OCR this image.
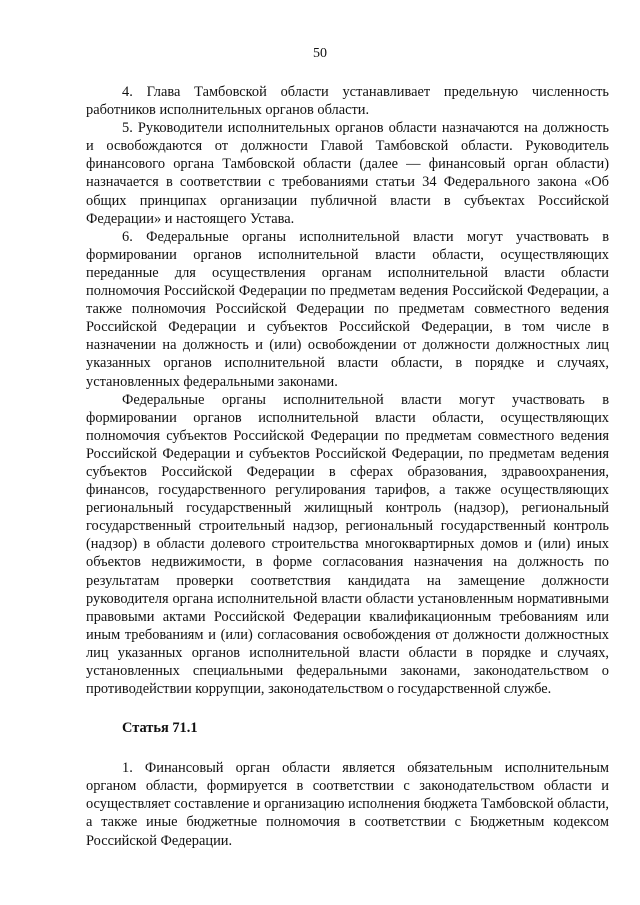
50

4. Глава Тамбовской области устанавливает предельную численность работников исполнительных органов области.

5. Руководители исполнительных органов области назначаются на должность и освобождаются от должности Главой Тамбовской области. Руководитель финансового органа Тамбовской области (далее — финансовый орган области) назначается в соответствии с требованиями статьи 34 Федерального закона «Об общих принципах организации публичной власти в субъектах Российской Федерации» и настоящего Устава.

6. Федеральные органы исполнительной власти могут участвовать в формировании органов исполнительной власти области, осуществляющих переданные для осуществления органам исполнительной власти области полномочия Российской Федерации по предметам ведения Российской Федерации, а также полномочия Российской Федерации по предметам совместного ведения Российской Федерации и субъектов Российской Федерации, в том числе в назначении на должность и (или) освобождении от должности должностных лиц указанных органов исполнительной власти области, в порядке и случаях, установленных федеральными законами.

Федеральные органы исполнительной власти могут участвовать в формировании органов исполнительной власти области, осуществляющих полномочия субъектов Российской Федерации по предметам совместного ведения Российской Федерации и субъектов Российской Федерации, по предметам ведения субъектов Российской Федерации в сферах образования, здравоохранения, финансов, государственного регулирования тарифов, а также осуществляющих региональный государственный жилищный контроль (надзор), региональный государственный строительный надзор, региональный государственный контроль (надзор) в области долевого строительства многоквартирных домов и (или) иных объектов недвижимости, в форме согласования назначения на должность по результатам проверки соответствия кандидата на замещение должности руководителя органа исполнительной власти области установленным нормативными правовыми актами Российской Федерации квалификационным требованиям или иным требованиям и (или) согласования освобождения от должности должностных лиц указанных органов исполнительной власти области в порядке и случаях, установленных специальными федеральными законами, законодательством о противодействии коррупции, законодательством о государственной службе.

Статья 71.1

1. Финансовый орган области является обязательным исполнительным органом области, формируется в соответствии с законодательством области и осуществляет составление и организацию исполнения бюджета Тамбовской области, а также иные бюджетные полномочия в соответствии с Бюджетным кодексом Российской Федерации.
